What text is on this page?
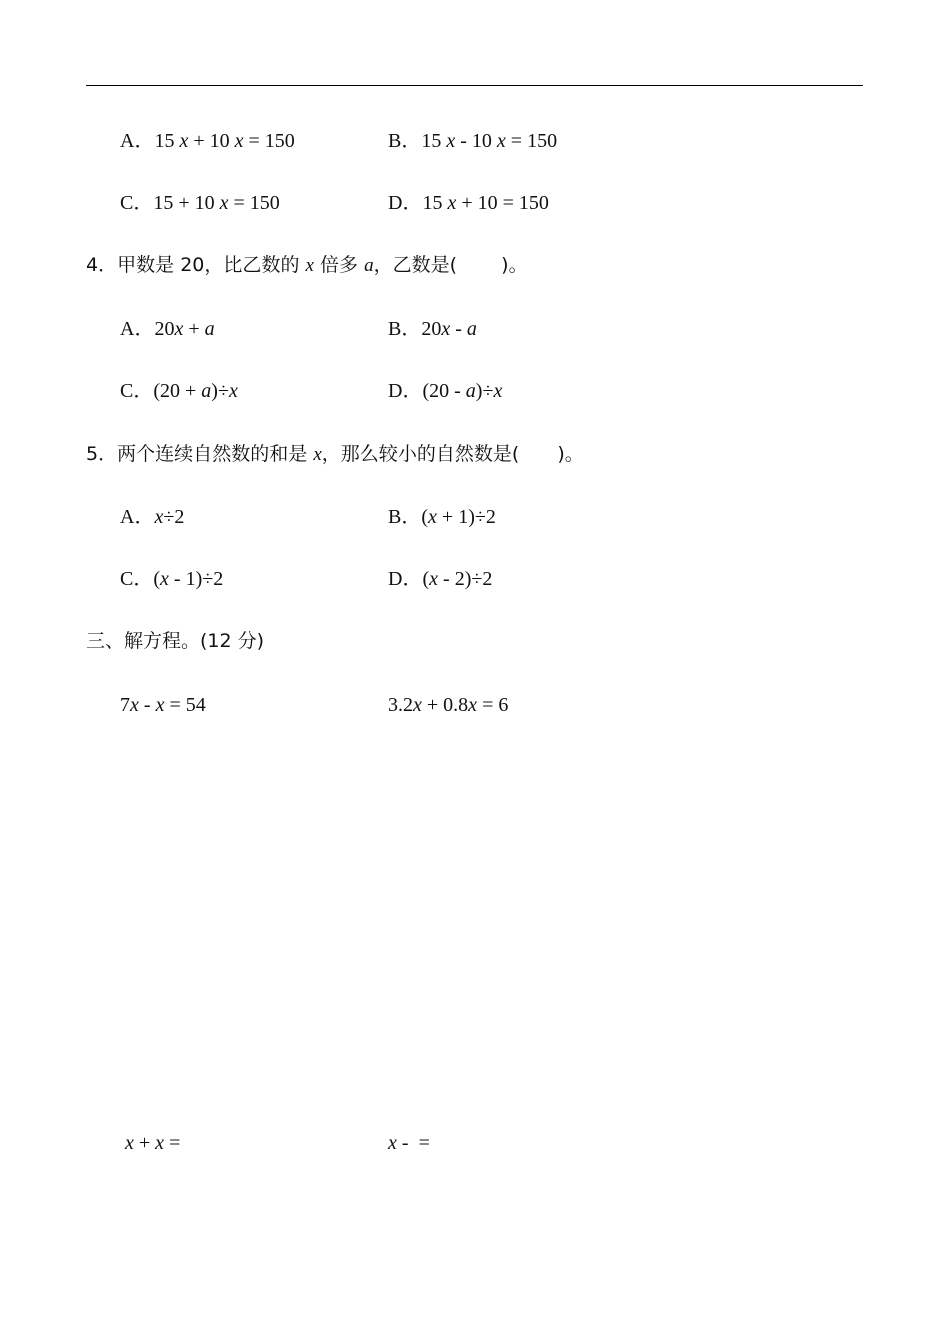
A．15 x + 10 x = 150	B．15 x - 10 x = 150
C．15 + 10 x = 150	D．15 x + 10 = 150
4．甲数是 20，比乙数的 x 倍多 a，乙数是(　　 )。
A．20x + a	B．20x - a
C．(20 + a)÷x	D．(20 - a)÷x
5．两个连续自然数的和是 x，那么较小的自然数是(　　 )。
A．x÷2	B．(x + 1)÷2
C．(x - 1)÷2	D．(x - 2)÷2
三、解方程。(12 分)
7x - x = 54	3.2x + 0.8x = 6
x + x =	x - =
